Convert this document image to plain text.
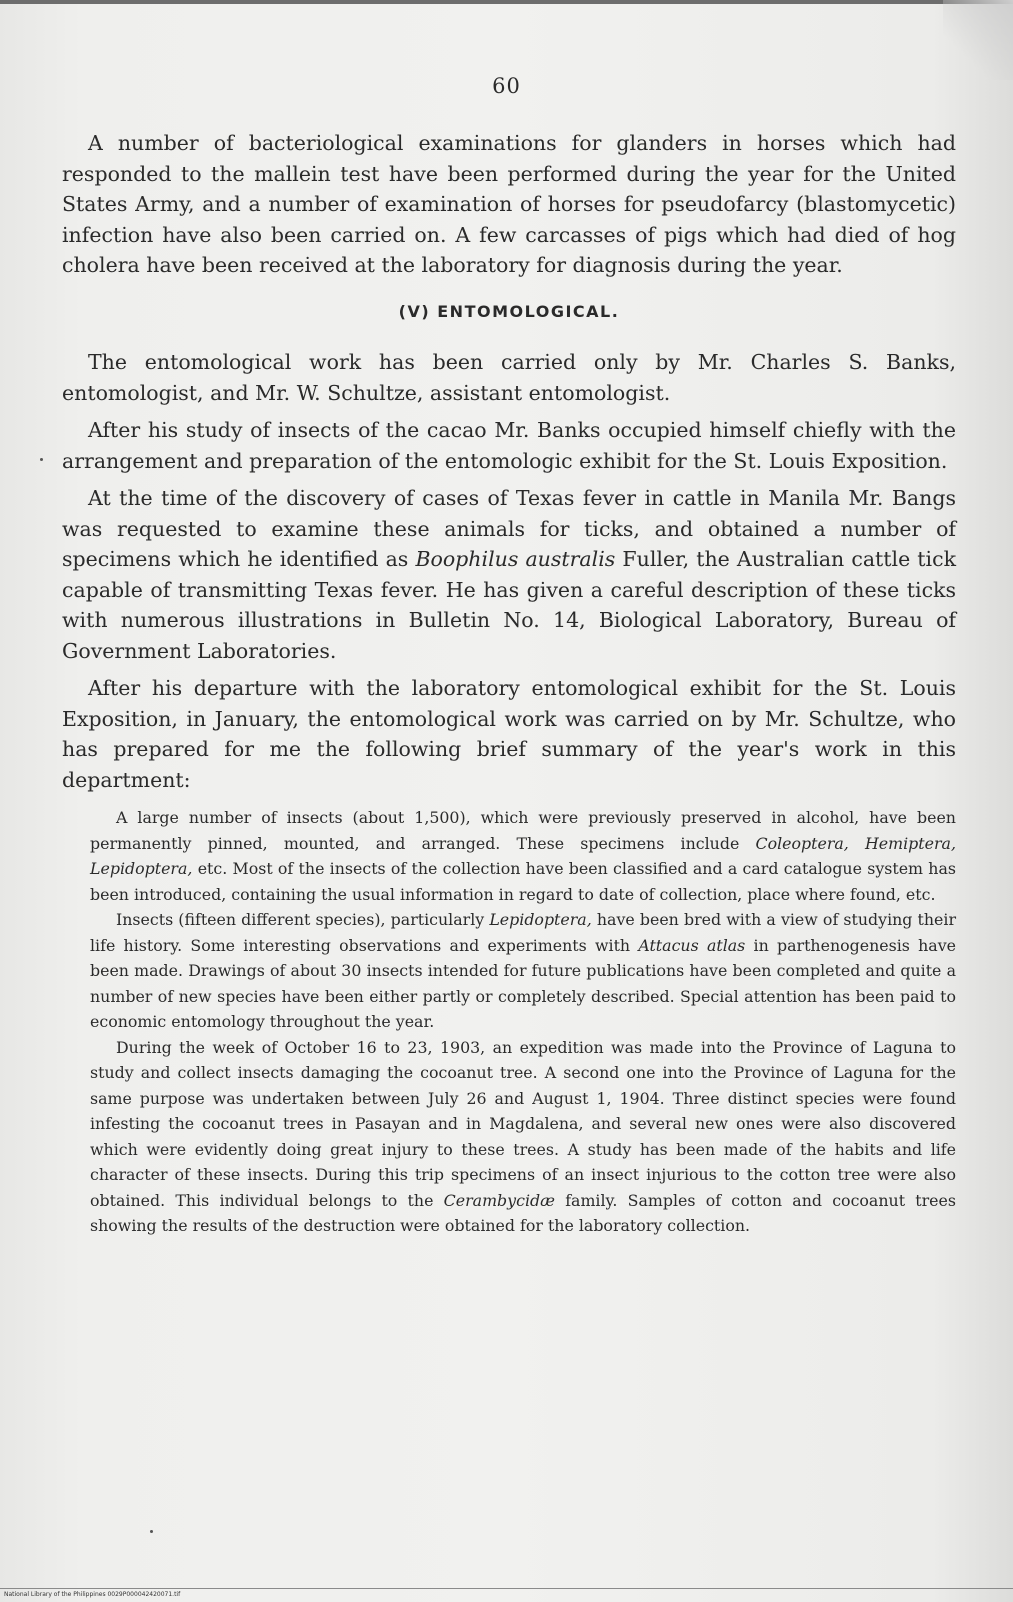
60

A number of bacteriological examinations for glanders in horses which had responded to the mallein test have been performed during the year for the United States Army, and a number of examination of horses for pseudofarcy (blastomycetic) infection have also been carried on. A few carcasses of pigs which had died of hog cholera have been received at the laboratory for diagnosis during the year.

(V) ENTOMOLOGICAL.

The entomological work has been carried only by Mr. Charles S. Banks, entomologist, and Mr. W. Schultze, assistant entomologist.

After his study of insects of the cacao Mr. Banks occupied himself chiefly with the arrangement and preparation of the entomologic exhibit for the St. Louis Exposition.

At the time of the discovery of cases of Texas fever in cattle in Manila Mr. Bangs was requested to examine these animals for ticks, and obtained a number of specimens which he identified as Boophilus australis Fuller, the Australian cattle tick capable of transmitting Texas fever. He has given a careful description of these ticks with numerous illustrations in Bulletin No. 14, Biological Laboratory, Bureau of Government Laboratories.

After his departure with the laboratory entomological exhibit for the St. Louis Exposition, in January, the entomological work was carried on by Mr. Schultze, who has prepared for me the following brief summary of the year's work in this department:

A large number of insects (about 1,500), which were previously preserved in alcohol, have been permanently pinned, mounted, and arranged. These specimens include Coleoptera, Hemiptera, Lepidoptera, etc. Most of the insects of the collection have been classified and a card catalogue system has been introduced, containing the usual information in regard to date of collection, place where found, etc.

Insects (fifteen different species), particularly Lepidoptera, have been bred with a view of studying their life history. Some interesting observations and experiments with Attacus atlas in parthenogenesis have been made. Drawings of about 30 insects intended for future publications have been completed and quite a number of new species have been either partly or completely described. Special attention has been paid to economic entomology throughout the year.

During the week of October 16 to 23, 1903, an expedition was made into the Province of Laguna to study and collect insects damaging the cocoanut tree. A second one into the Province of Laguna for the same purpose was undertaken between July 26 and August 1, 1904. Three distinct species were found infesting the cocoanut trees in Pasayan and in Magdalena, and several new ones were also discovered which were evidently doing great injury to these trees. A study has been made of the habits and life character of these insects. During this trip specimens of an insect injurious to the cotton tree were also obtained. This individual belongs to the Cerambycidæ family. Samples of cotton and cocoanut trees showing the results of the destruction were obtained for the laboratory collection.

National Library of the Philippines 0029P000042420071.tif
